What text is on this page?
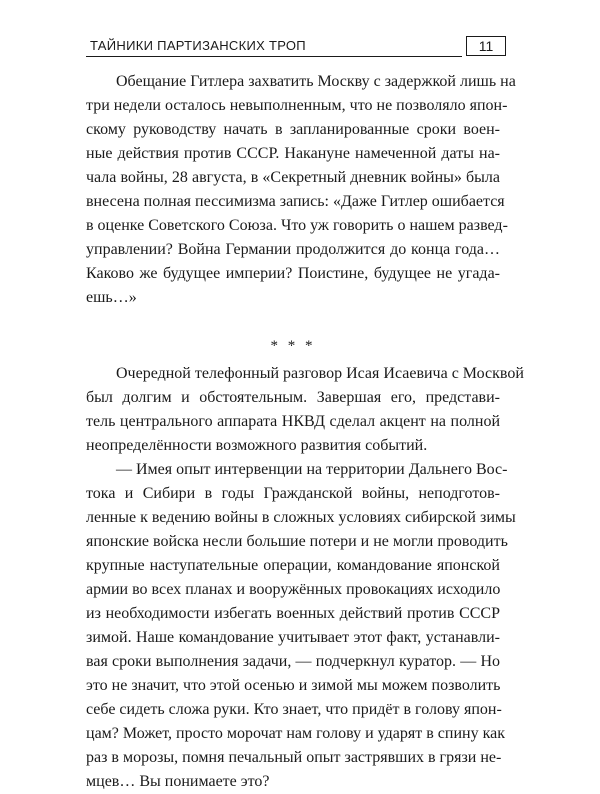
ТАЙНИКИ ПАРТИЗАНСКИХ ТРОП	11
Обещание Гитлера захватить Москву с задержкой лишь на
три недели осталось невыполненным, что не позволяло япон-
скому руководству начать в запланированные сроки воен-
ные действия против СССР. Накануне намеченной даты на-
чала войны, 28 августа, в «Секретный дневник войны» была
внесена полная пессимизма запись: «Даже Гитлер ошибается
в оценке Советского Союза. Что уж говорить о нашем развед-
управлении? Война Германии продолжится до конца года…
Каково же будущее империи? Поистине, будущее не угада-
ешь…»
* * *
Очередной телефонный разговор Исая Исаевича с Москвой
был долгим и обстоятельным. Завершая его, представи-
тель центрального аппарата НКВД сделал акцент на полной
неопределённости возможного развития событий.
— Имея опыт интервенции на территории Дальнего Вос-
тока и Сибири в годы Гражданской войны, неподготов-
ленные к ведению войны в сложных условиях сибирской зимы
японские войска несли большие потери и не могли проводить
крупные наступательные операции, командование японской
армии во всех планах и вооружённых провокациях исходило
из необходимости избегать военных действий против СССР
зимой. Наше командование учитывает этот факт, устанавли-
вая сроки выполнения задачи, — подчеркнул куратор. — Но
это не значит, что этой осенью и зимой мы можем позволить
себе сидеть сложа руки. Кто знает, что придёт в голову япон-
цам? Может, просто морочат нам голову и ударят в спину как
раз в морозы, помня печальный опыт застрявших в грязи не-
мцев… Вы понимаете это?
